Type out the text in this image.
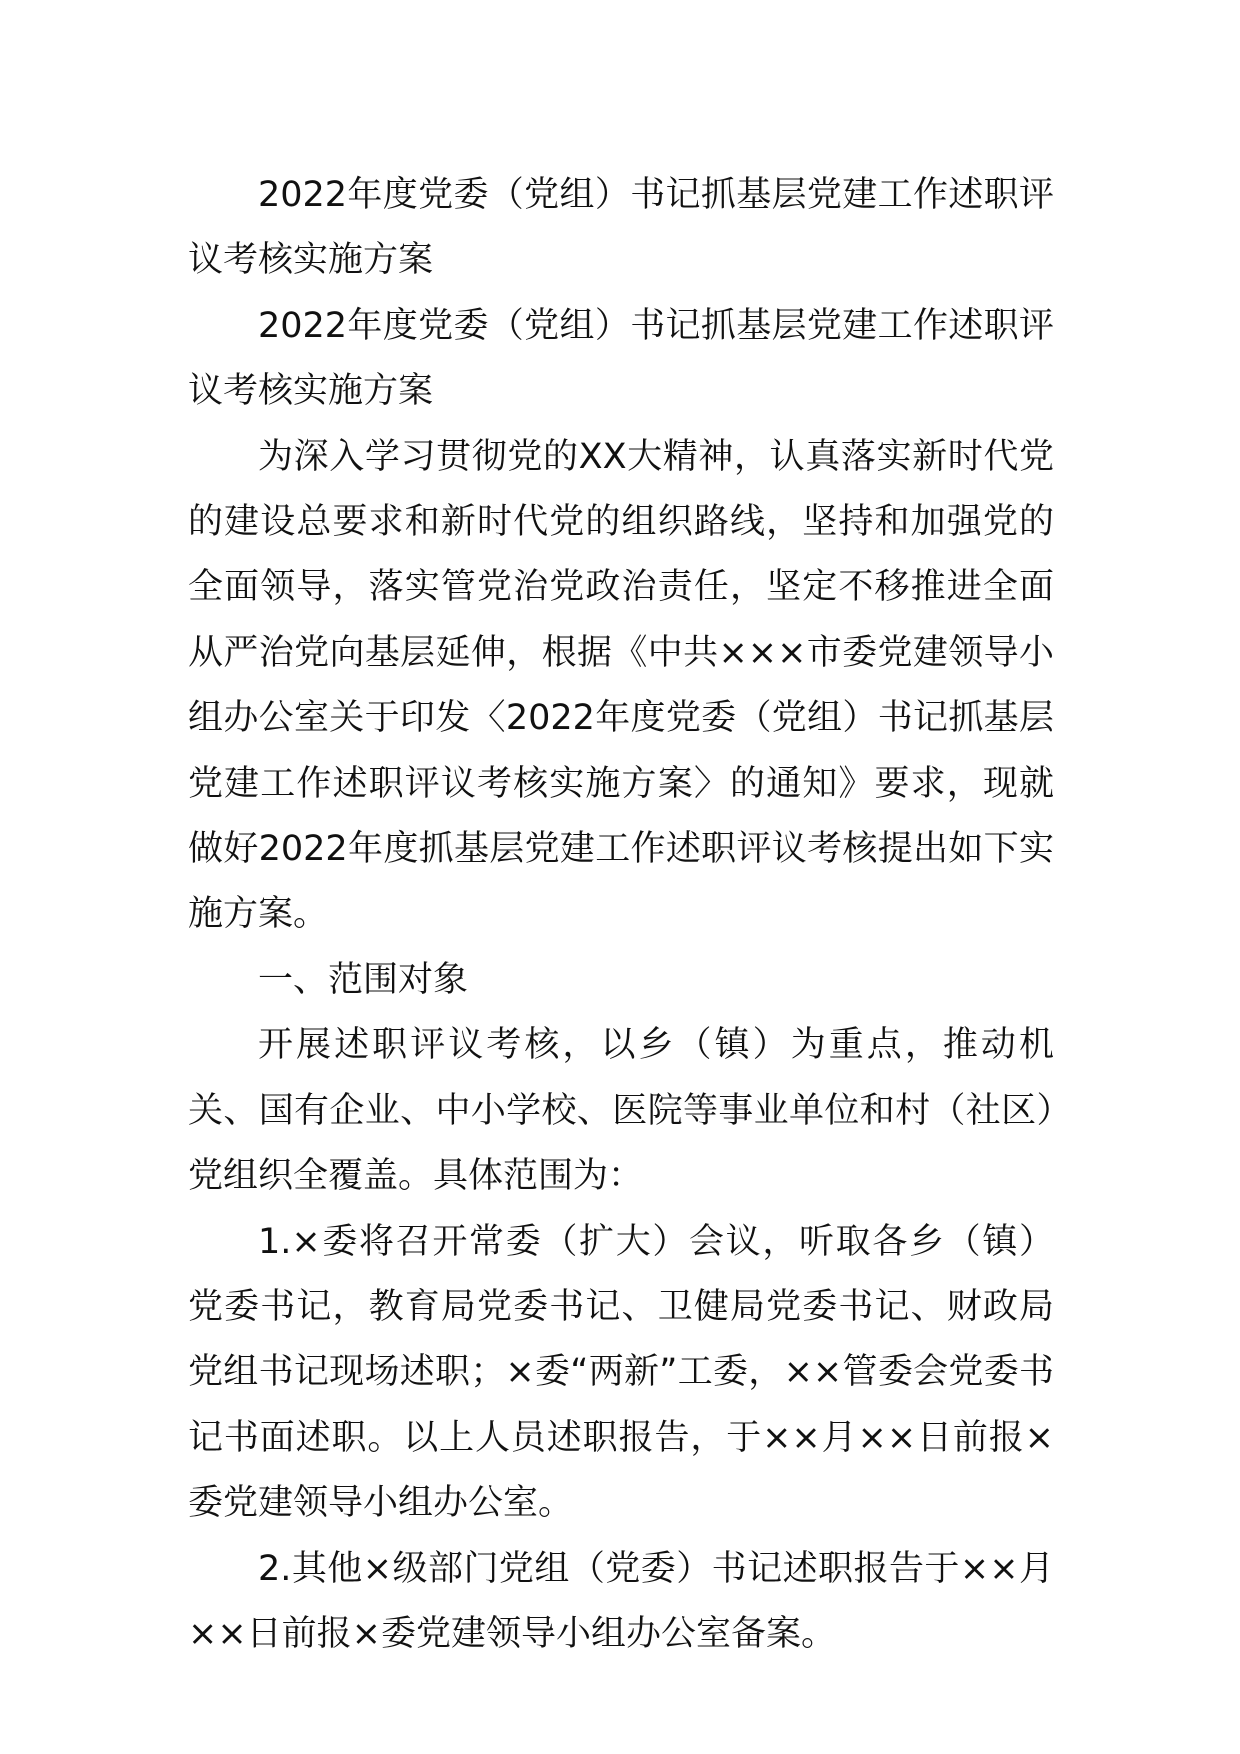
2022年度党委（党组）书记抓基层党建工作述职评议考核实施方案

2022年度党委（党组）书记抓基层党建工作述职评议考核实施方案

为深入学习贯彻党的XX大精神，认真落实新时代党的建设总要求和新时代党的组织路线，坚持和加强党的全面领导，落实管党治党政治责任，坚定不移推进全面从严治党向基层延伸，根据《中共×××市委党建领导小组办公室关于印发〈2022年度党委（党组）书记抓基层党建工作述职评议考核实施方案〉的通知》要求，现就做好2022年度抓基层党建工作述职评议考核提出如下实施方案。

一、范围对象

开展述职评议考核，以乡（镇）为重点，推动机关、国有企业、中小学校、医院等事业单位和村（社区）党组织全覆盖。具体范围为：

1.×委将召开常委（扩大）会议，听取各乡（镇）党委书记，教育局党委书记、卫健局党委书记、财政局党组书记现场述职；×委“两新”工委，××管委会党委书记书面述职。以上人员述职报告，于××月××日前报×委党建领导小组办公室。

2.其他×级部门党组（党委）书记述职报告于××月××日前报×委党建领导小组办公室备案。
